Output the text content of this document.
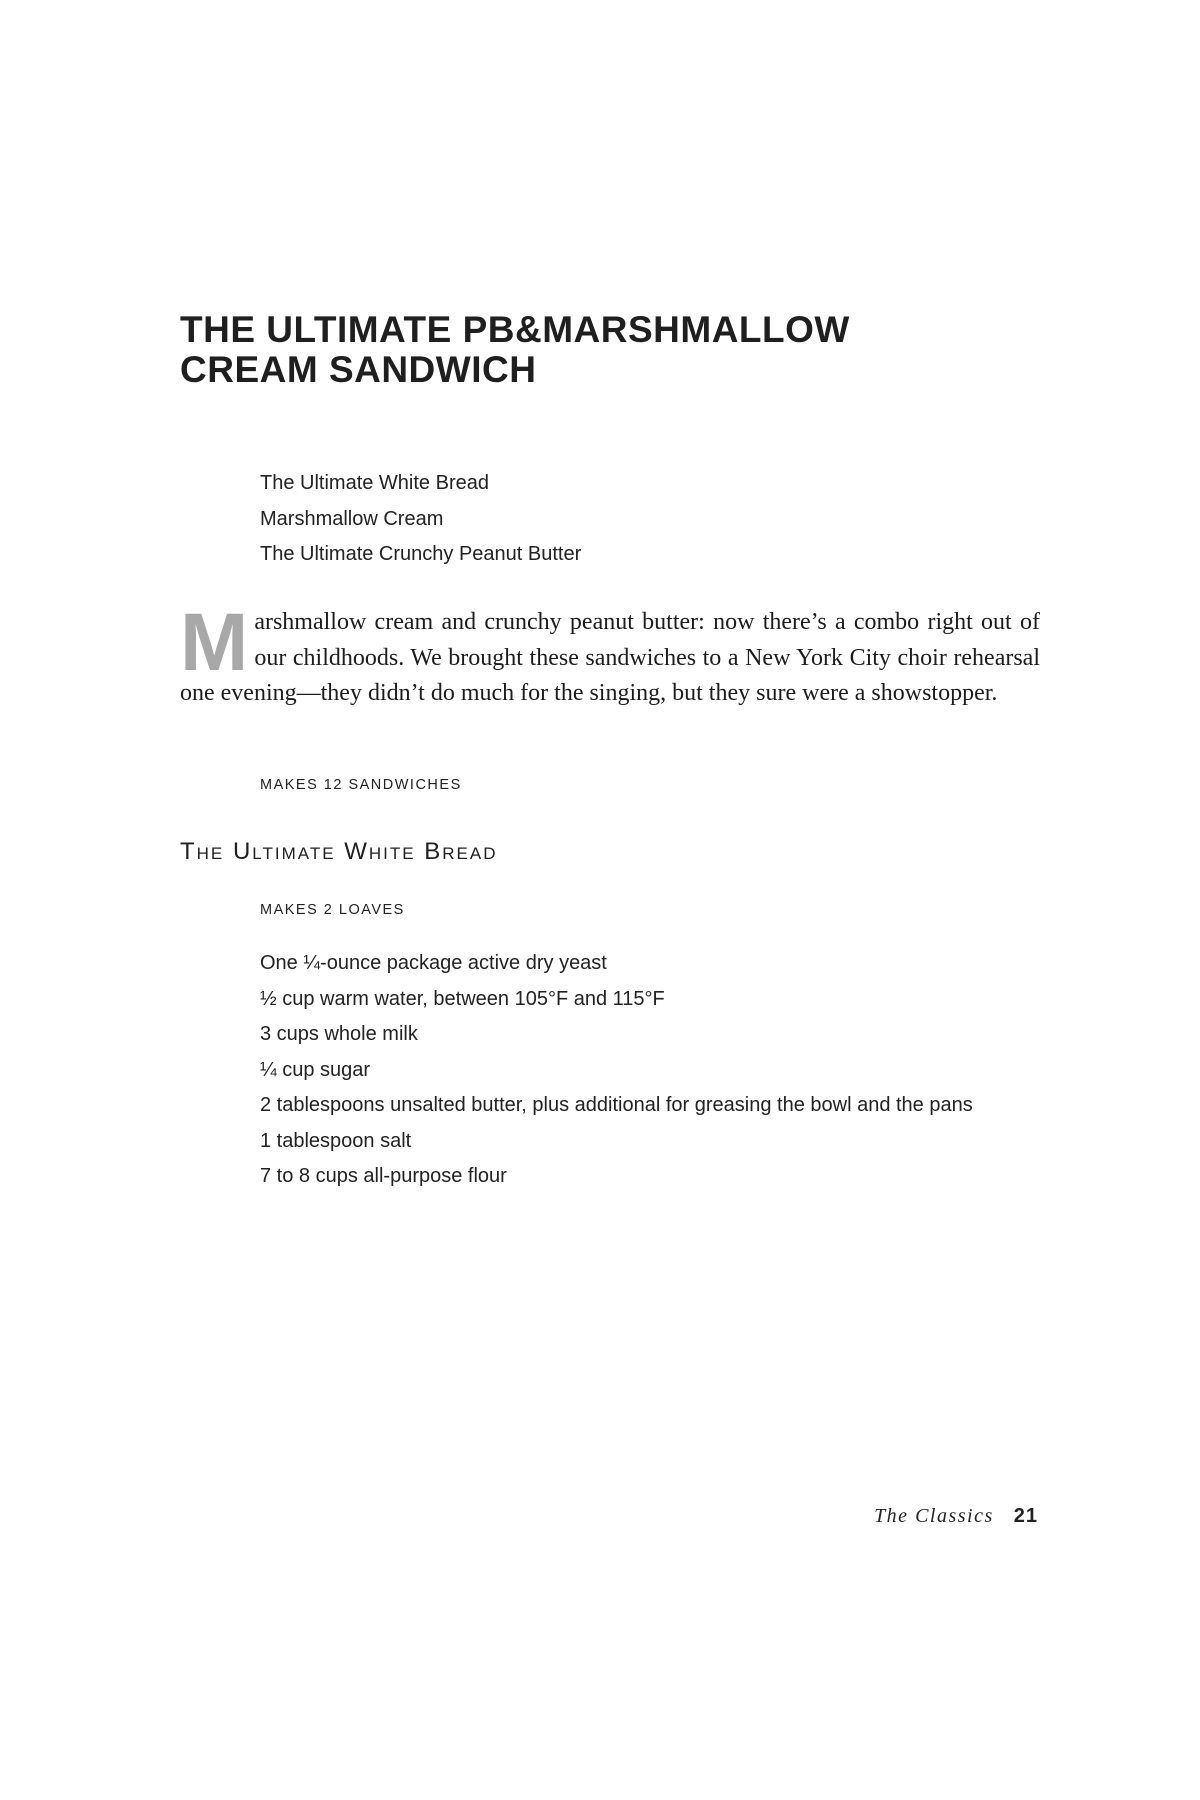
THE ULTIMATE PB&MARSHMALLOW
CREAM SANDWICH
The Ultimate White Bread
Marshmallow Cream
The Ultimate Crunchy Peanut Butter

Marshmallow cream and crunchy peanut butter: now there’s a combo right out of our childhoods. We brought these sandwiches to a New York City choir rehearsal one evening—they didn’t do much for the singing, but they sure were a showstopper.

MAKES 12 SANDWICHES

The Ultimate White Bread

MAKES 2 LOAVES

One ¼-ounce package active dry yeast
½ cup warm water, between 105°F and 115°F
3 cups whole milk
¼ cup sugar
2 tablespoons unsalted butter, plus additional for greasing the bowl and the pans
1 tablespoon salt
7 to 8 cups all-purpose flour

The Classics 21
